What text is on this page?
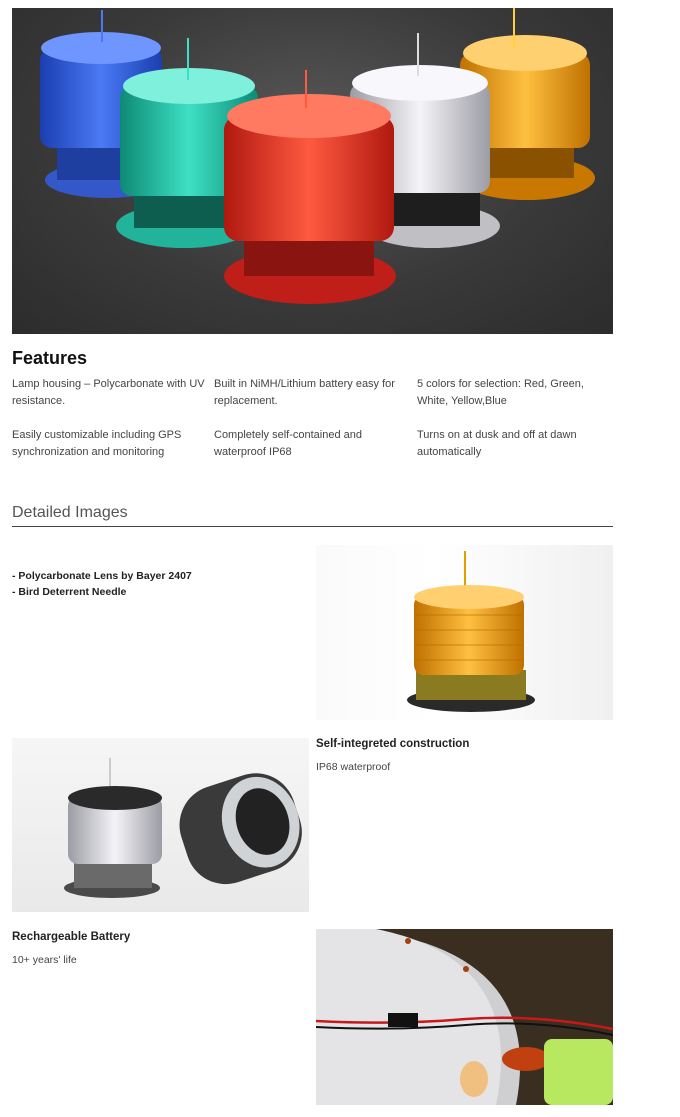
Features
Lamp housing – Polycarbonate with UV resistance.
Built in NiMH/Lithium battery easy for replacement.
5 colors for selection: Red, Green, White, Yellow,Blue
Easily customizable including GPS synchronization and monitoring
Completely self-contained and waterproof IP68
Turns on at dusk and off at dawn automatically
Detailed Images
- Polycarbonate Lens by Bayer 2407
- Bird Deterrent Needle
Self-integreted construction
IP68 waterproof
Rechargeable Battery
10+ years' life
